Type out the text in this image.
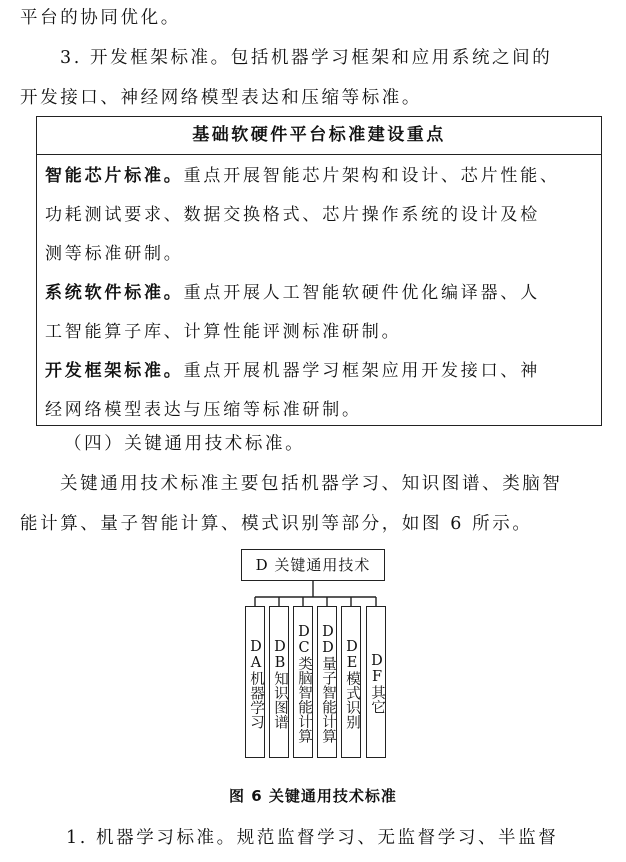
平台的协同优化。
3. 开发框架标准。包括机器学习框架和应用系统之间的
开发接口、神经网络模型表达和压缩等标准。
基础软硬件平台标准建设重点
智能芯片标准。重点开展智能芯片架构和设计、芯片性能、
功耗测试要求、数据交换格式、芯片操作系统的设计及检
测等标准研制。
系统软件标准。重点开展人工智能软硬件优化编译器、人
工智能算子库、计算性能评测标准研制。
开发框架标准。重点开展机器学习框架应用开发接口、神
经网络模型表达与压缩等标准研制。
（四）关键通用技术标准。
关键通用技术标准主要包括机器学习、知识图谱、类脑智
能计算、量子智能计算、模式识别等部分，如图 6 所示。
D 关键通用技术
DA机器学习 DB知识图谱 DC类脑智能计算 DD量子智能计算 DE模式识别 DF其它
图 6 关键通用技术标准
1. 机器学习标准。规范监督学习、无监督学习、半监督
